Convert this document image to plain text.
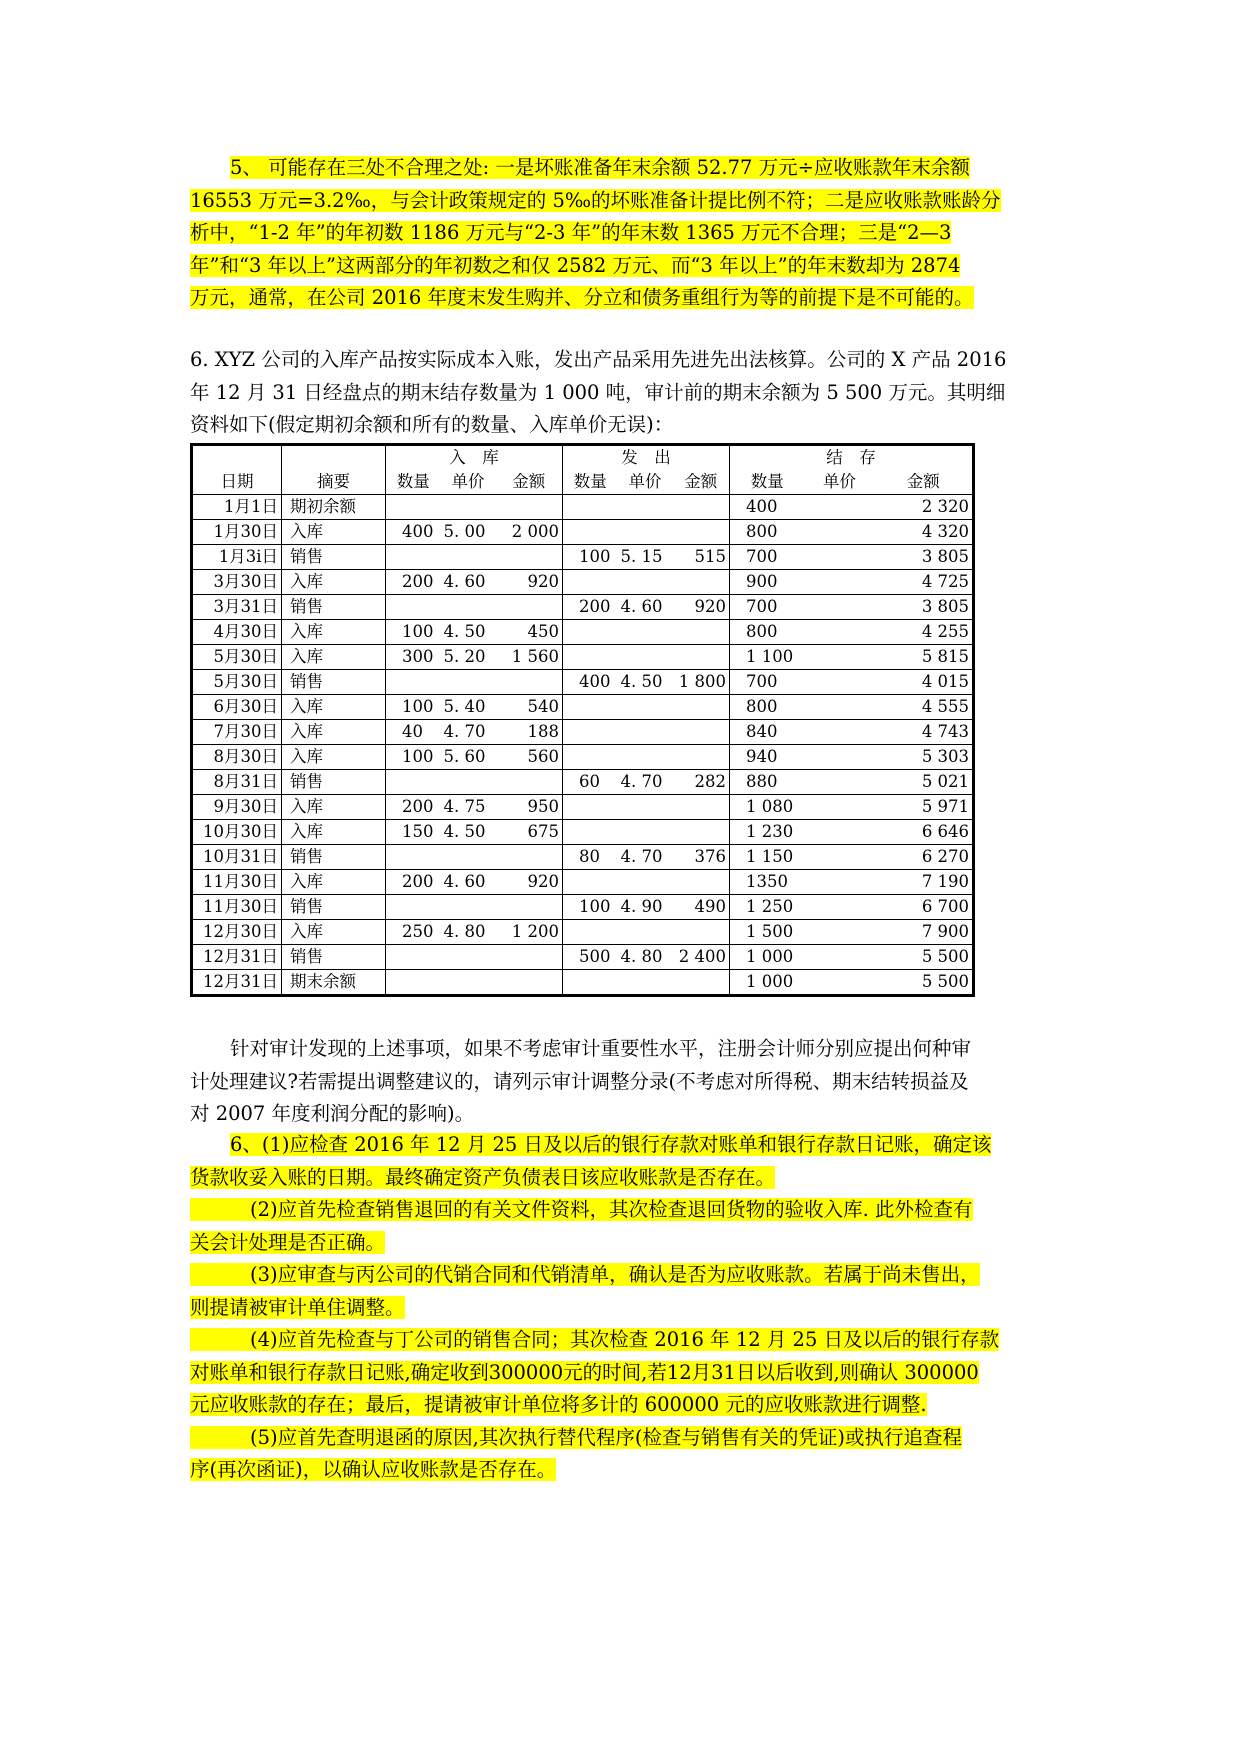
5、 可能存在三处不合理之处: 一是坏账准备年末余额 52.77 万元÷应收账款年末余额
16553 万元=3.2‰，与会计政策规定的 5‰的坏账准备计提比例不符；二是应收账款账龄分
析中，“1-2 年”的年初数 1186 万元与“2-3 年”的年末数 1365 万元不合理；三是“2—3
年”和“3 年以上”这两部分的年初数之和仅 2582 万元、而“3 年以上”的年末数却为 2874
万元，通常，在公司 2016 年度末发生购并、分立和债务重组行为等的前提下是不可能的。
6. XYZ 公司的入库产品按实际成本入账，发出产品采用先进先出法核算。公司的 X 产品 2016
年 12 月 31 日经盘点的期末结存数量为 1 000 吨，审计前的期末余额为 5 500 万元。其明细
资料如下(假定期初余额和所有的数量、入库单价无误)：
		入　库			发　出			结　存		
日期	摘要	数量	单价	金额	数量	单价	金额	数量	单价	金额
1月1日	期初余额							400		2 320
1月30日	入库	400	5. 00	2 000				800		4 320
1月3i日	销售				100	5. 15	515	700		3 805
3月30日	入库	200	4. 60	920				900		4 725
3月31日	销售				200	4. 60	920	700		3 805
4月30日	入库	100	4. 50	450				800		4 255
5月30日	入库	300	5. 20	1 560				1 100		5 815
5月30日	销售				400	4. 50	1 800	700		4 015
6月30日	入库	100	5. 40	540				800		4 555
7月30日	入库	40	4. 70	188				840		4 743
8月30日	入库	100	5. 60	560				940		5 303
8月31日	销售				60	4. 70	282	880		5 021
9月30日	入库	200	4. 75	950				1 080		5 971
10月30日	入库	150	4. 50	675				1 230		6 646
10月31日	销售				80	4. 70	376	1 150		6 270
11月30日	入库	200	4. 60	920				1350		7 190
11月30日	销售				100	4. 90	490	1 250		6 700
12月30日	入库	250	4. 80	1 200				1 500		7 900
12月31日	销售				500	4. 80	2 400	1 000		5 500
12月31日	期末余额							1 000		5 500
针对审计发现的上述事项，如果不考虑审计重要性水平，注册会计师分别应提出何种审
计处理建议?若需提出调整建议的，请列示审计调整分录(不考虑对所得税、期末结转损益及
对 2007 年度利润分配的影响)。
6、(1)应检查 2016 年 12 月 25 日及以后的银行存款对账单和银行存款日记账，确定该
货款收妥入账的日期。最终确定资产负债表日该应收账款是否存在。
(2)应首先检查销售退回的有关文件资料，其次检查退回货物的验收入库. 此外检查有
关会计处理是否正确。
(3)应审查与丙公司的代销合同和代销清单，确认是否为应收账款。若属于尚未售出，
则提请被审计单住调整。
(4)应首先检查与丁公司的销售合同；其次检查 2016 年 12 月 25 日及以后的银行存款
对账单和银行存款日记账,确定收到300000元的时间,若12月31日以后收到,则确认 300000
元应收账款的存在；最后，提请被审计单位将多计的 600000 元的应收账款进行调整.
(5)应首先查明退函的原因,其次执行替代程序(检查与销售有关的凭证)或执行追查程
序(再次函证)，以确认应收账款是否存在。
